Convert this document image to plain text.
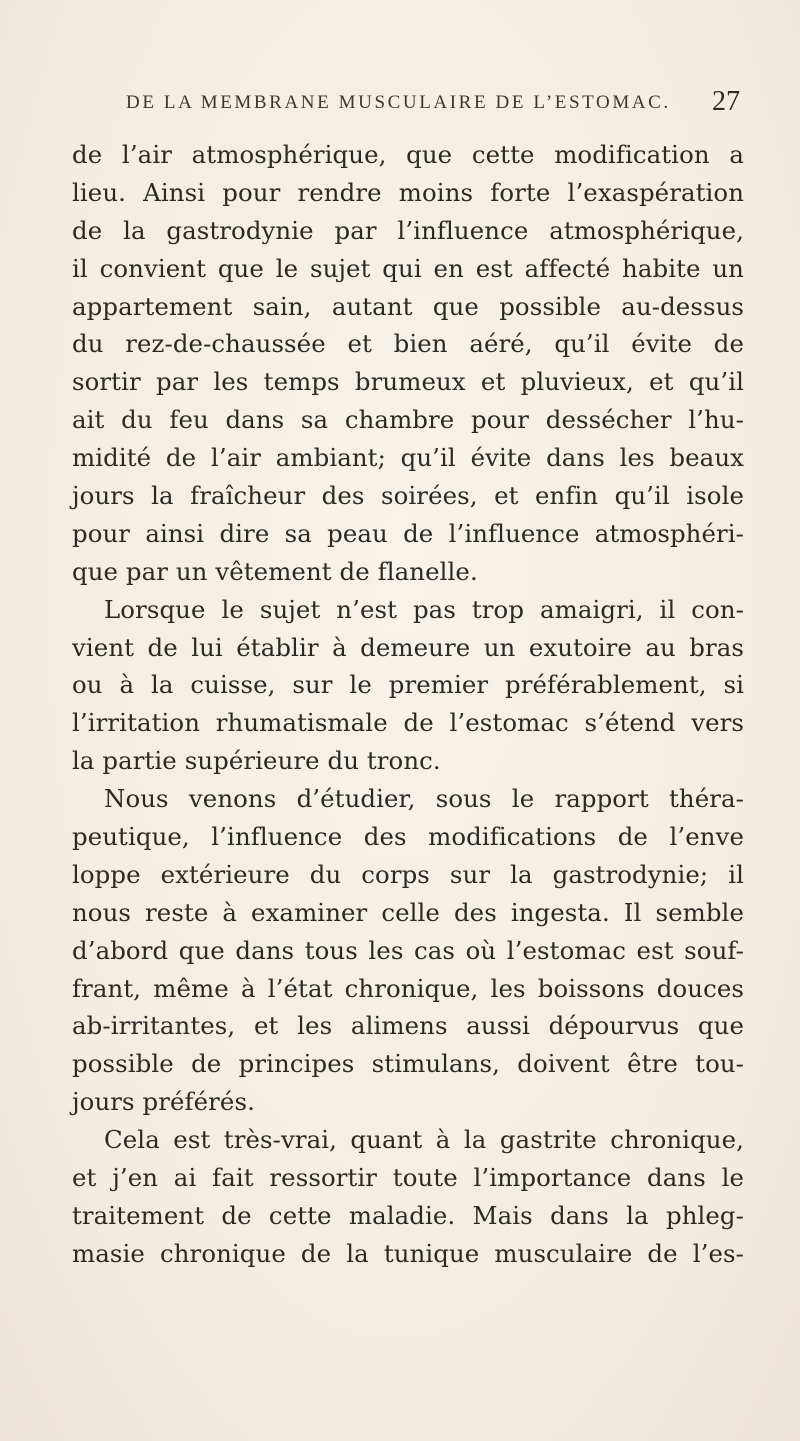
DE LA MEMBRANE MUSCULAIRE DE L’ESTOMAC. 27
de l’air atmosphérique, que cette modification a
lieu. Ainsi pour rendre moins forte l’exaspération
de la gastrodynie par l’influence atmosphérique,
il convient que le sujet qui en est affecté habite un
appartement sain, autant que possible au-dessus
du rez-de-chaussée et bien aéré, qu’il évite de
sortir par les temps brumeux et pluvieux, et qu’il
ait du feu dans sa chambre pour dessécher l’hu-
midité de l’air ambiant; qu’il évite dans les beaux
jours la fraîcheur des soirées, et enfin qu’il isole
pour ainsi dire sa peau de l’influence atmosphéri-
que par un vêtement de flanelle.
Lorsque le sujet n’est pas trop amaigri, il con-
vient de lui établir à demeure un exutoire au bras
ou à la cuisse, sur le premier préférablement, si
l’irritation rhumatismale de l’estomac s’étend vers
la partie supérieure du tronc.
Nous venons d’étudier, sous le rapport théra-
peutique, l’influence des modifications de l’enve
loppe extérieure du corps sur la gastrodynie; il
nous reste à examiner celle des ingesta. Il semble
d’abord que dans tous les cas où l’estomac est souf-
frant, même à l’état chronique, les boissons douces
ab-irritantes, et les alimens aussi dépourvus que
possible de principes stimulans, doivent être tou-
jours préférés.
Cela est très-vrai, quant à la gastrite chronique,
et j’en ai fait ressortir toute l’importance dans le
traitement de cette maladie. Mais dans la phleg-
masie chronique de la tunique musculaire de l’es-
